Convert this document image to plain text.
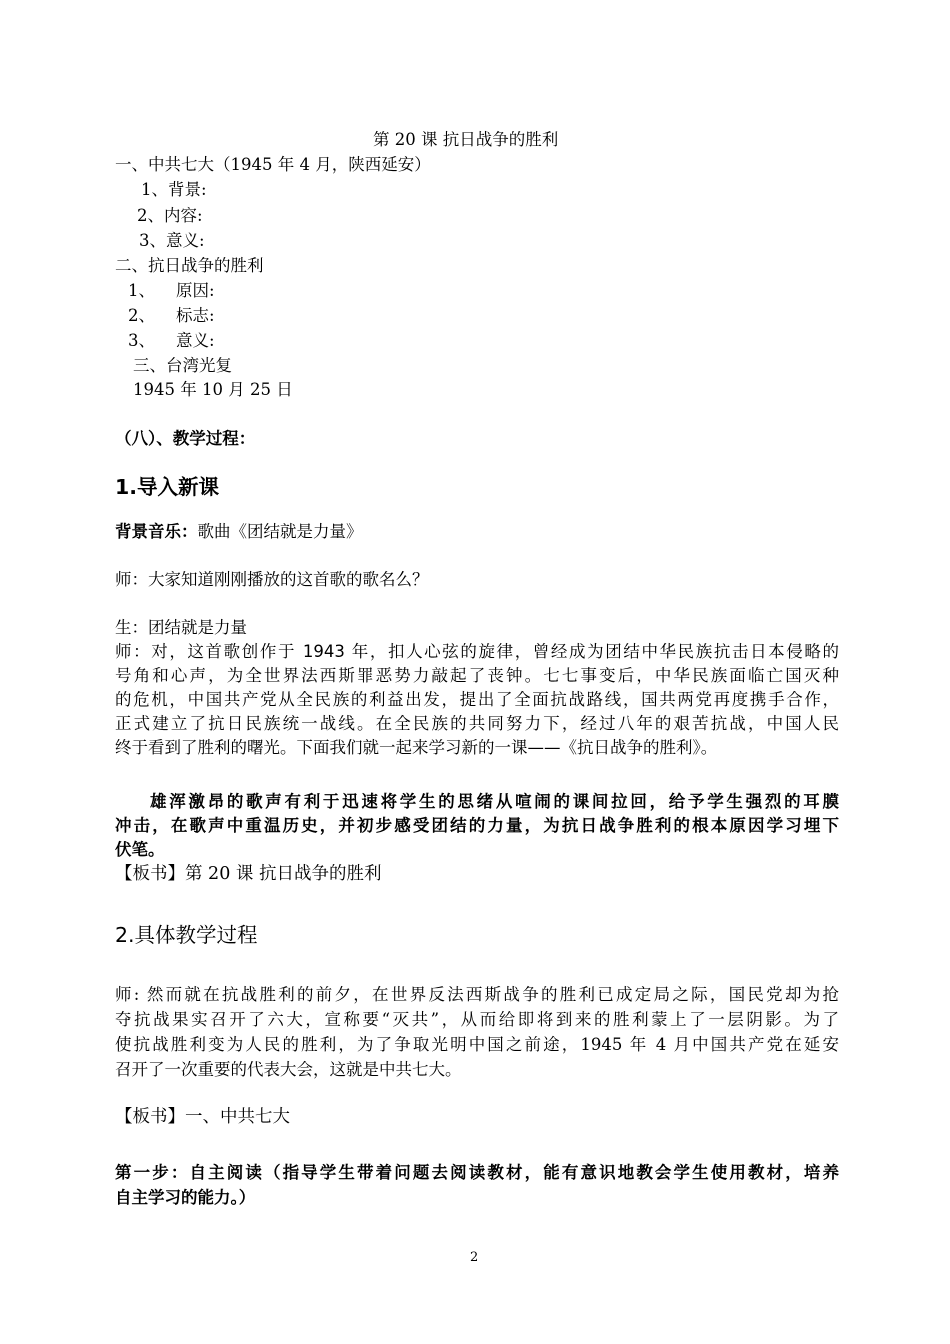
第 20 课 抗日战争的胜利
一、中共七大（1945 年 4 月，陕西延安）
1、背景:
2、内容:
3、意义:
二、抗日战争的胜利
1、    原因:
2、    标志:
3、    意义:
三、台湾光复
1945 年 10 月 25 日
（八）、教学过程：
1.导入新课
背景音乐：歌曲《团结就是力量》
师：大家知道刚刚播放的这首歌的歌名么？
生：团结就是力量
师：对，这首歌创作于 1943 年，扣人心弦的旋律，曾经成为团结中华民族抗击日本侵略的
号角和心声，为全世界法西斯罪恶势力敲起了丧钟。七七事变后，中华民族面临亡国灭种
的危机，中国共产党从全民族的利益出发，提出了全面抗战路线，国共两党再度携手合作，
正式建立了抗日民族统一战线。在全民族的共同努力下，经过八年的艰苦抗战，中国人民
终于看到了胜利的曙光。下面我们就一起来学习新的一课——《抗日战争的胜利》。
雄浑激昂的歌声有利于迅速将学生的思绪从喧闹的课间拉回，给予学生强烈的耳膜
冲击，在歌声中重温历史，并初步感受团结的力量，为抗日战争胜利的根本原因学习埋下
伏笔。
【板书】第 20 课 抗日战争的胜利
2.具体教学过程
师: 然而就在抗战胜利的前夕，在世界反法西斯战争的胜利已成定局之际，国民党却为抢
夺抗战果实召开了六大，宣称要“灭共”，从而给即将到来的胜利蒙上了一层阴影。为了
使抗战胜利变为人民的胜利，为了争取光明中国之前途，1945 年 4 月中国共产党在延安
召开了一次重要的代表大会，这就是中共七大。
【板书】一、中共七大
第一步：自主阅读（指导学生带着问题去阅读教材，能有意识地教会学生使用教材，培养
自主学习的能力。）
2
